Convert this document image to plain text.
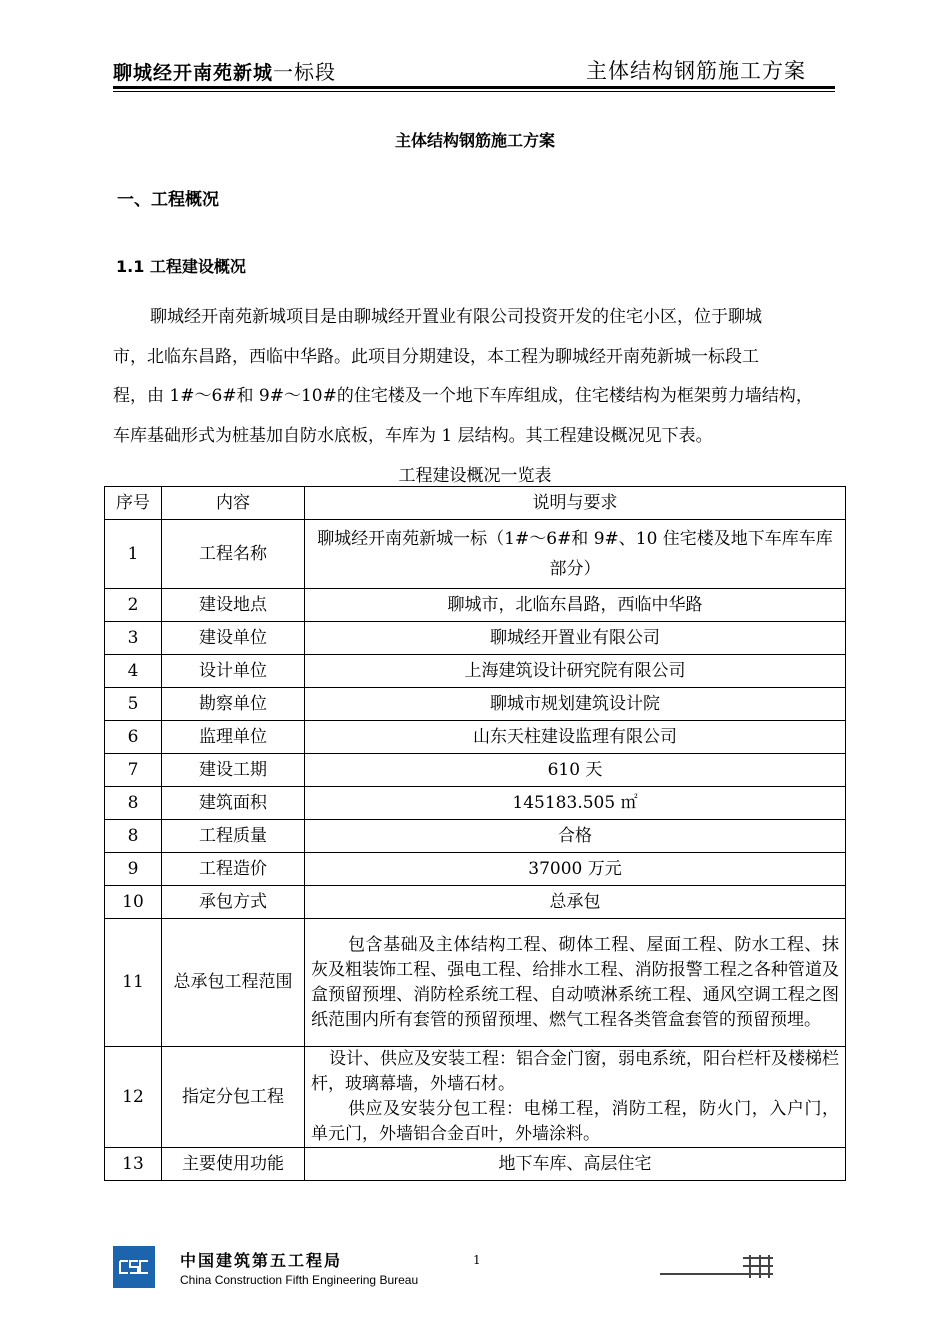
聊城经开南苑新城一标段	主体结构钢筋施工方案
主体结构钢筋施工方案
一、工程概况
1.1 工程建设概况
聊城经开南苑新城项目是由聊城经开置业有限公司投资开发的住宅小区，位于聊城
市，北临东昌路，西临中华路。此项目分期建设，本工程为聊城经开南苑新城一标段工
程，由 1#～6#和 9#～10#的住宅楼及一个地下车库组成，住宅楼结构为框架剪力墙结构，
车库基础形式为桩基加自防水底板，车库为 1 层结构。其工程建设概况见下表。
工程建设概况一览表
序号	内容	说明与要求
1	工程名称	聊城经开南苑新城一标（1#～6#和 9#、10 住宅楼及地下车库车库部分）
2	建设地点	聊城市，北临东昌路，西临中华路
3	建设单位	聊城经开置业有限公司
4	设计单位	上海建筑设计研究院有限公司
5	勘察单位	聊城市规划建筑设计院
6	监理单位	山东天柱建设监理有限公司
7	建设工期	610 天
8	建筑面积	145183.505 ㎡
8	工程质量	合格
9	工程造价	37000 万元
10	承包方式	总承包
11	总承包工程范围	包含基础及主体结构工程、砌体工程、屋面工程、防水工程、抹灰及粗装饰工程、强电工程、给排水工程、消防报警工程之各种管道及盒预留预埋、消防栓系统工程、自动喷淋系统工程、通风空调工程之图纸范围内所有套管的预留预埋、燃气工程各类管盒套管的预留预埋。
12	指定分包工程	设计、供应及安装工程：铝合金门窗，弱电系统，阳台栏杆及楼梯栏杆，玻璃幕墙，外墙石材。
供应及安装分包工程：电梯工程，消防工程，防火门，入户门，单元门，外墙铝合金百叶，外墙涂料。

13	主要使用功能	地下车库、高层住宅
中国建筑第五工程局
China Construction Fifth Engineering Bureau
1
